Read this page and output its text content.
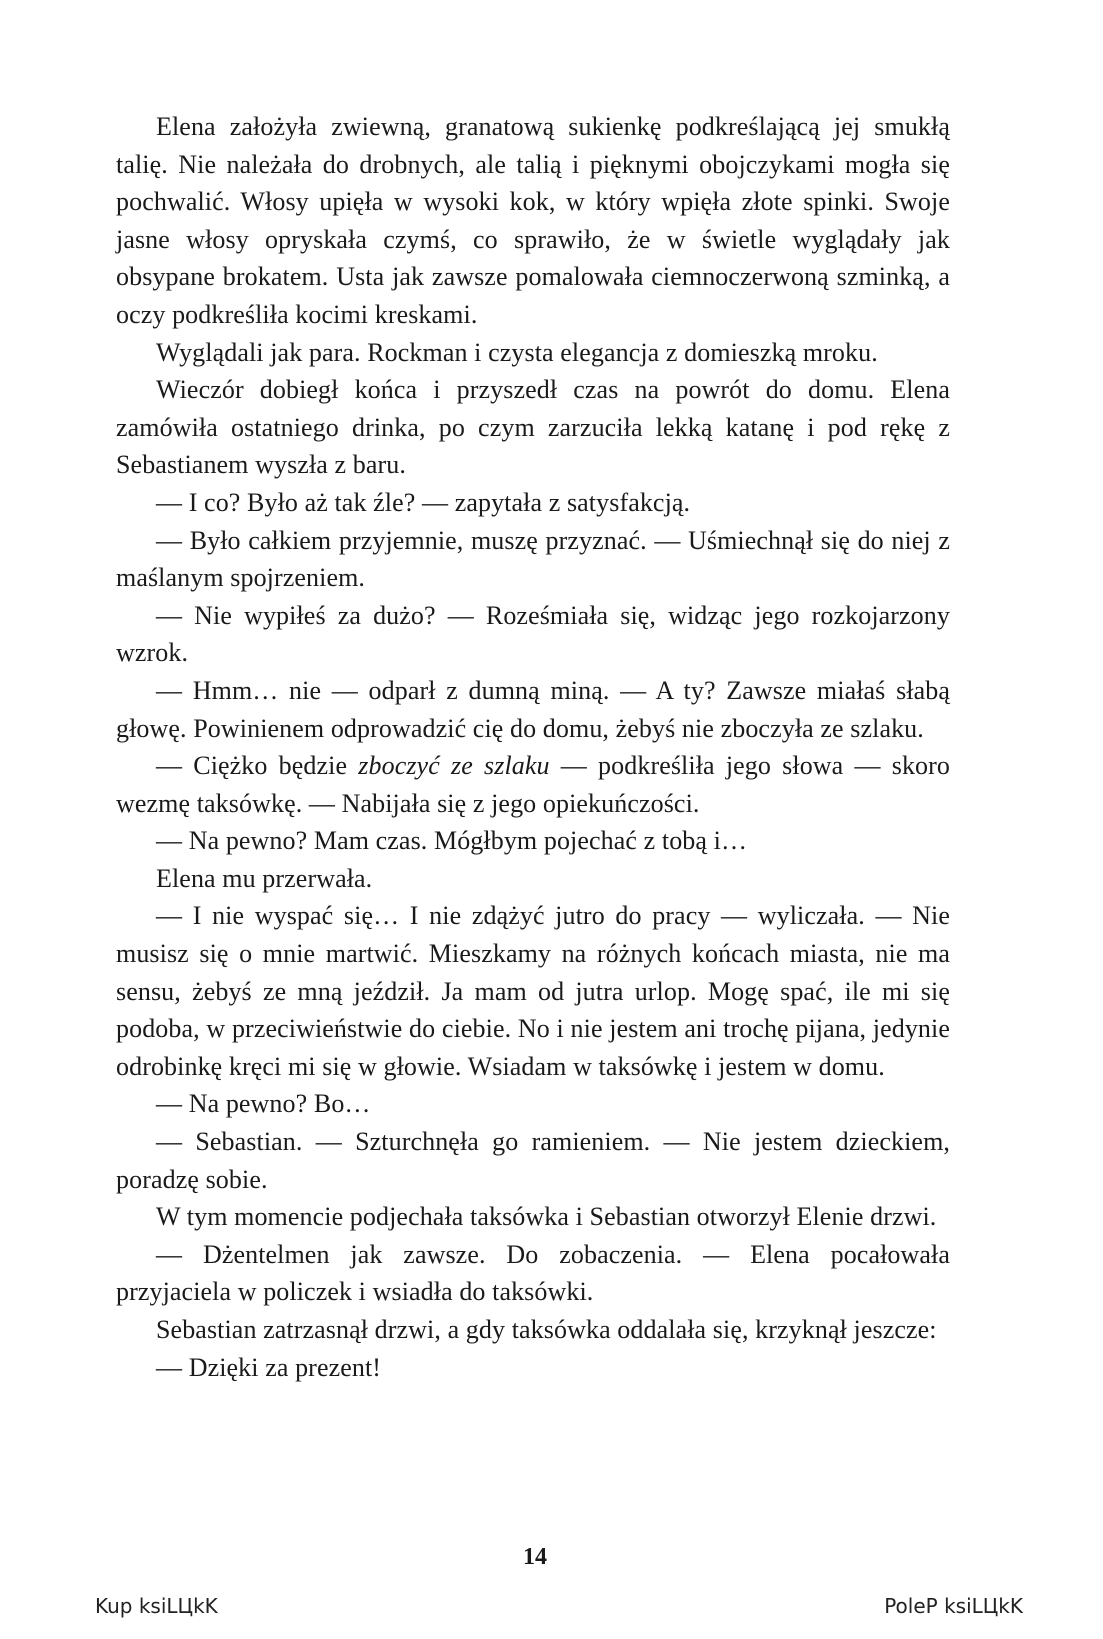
Elena założyła zwiewną, granatową sukienkę podkreślającą jej smukłą talię. Nie należała do drobnych, ale talią i pięknymi obojczykami mogła się pochwalić. Włosy upięła w wysoki kok, w który wpięła złote spinki. Swoje jasne włosy opryskała czymś, co sprawiło, że w świetle wyglądały jak obsypane brokatem. Usta jak zawsze pomalowała ciemnoczerwoną szminką, a oczy podkreśliła kocimi kreskami.

Wyglądali jak para. Rockman i czysta elegancja z domieszką mroku.

Wieczór dobiegł końca i przyszedł czas na powrót do domu. Elena zamówiła ostatniego drinka, po czym zarzuciła lekką katanę i pod rękę z Sebastianem wyszła z baru.

— I co? Było aż tak źle? — zapytała z satysfakcją.

— Było całkiem przyjemnie, muszę przyznać. — Uśmiechnął się do niej z maślanym spojrzeniem.

— Nie wypiłeś za dużo? — Roześmiała się, widząc jego rozkojarzony wzrok.

— Hmm… nie — odparł z dumną miną. — A ty? Zawsze miałaś słabą głowę. Powinienem odprowadzić cię do domu, żebyś nie zboczyła ze szlaku.

— Ciężko będzie zboczyć ze szlaku — podkreśliła jego słowa — skoro wezmę taksówkę. — Nabijała się z jego opiekuńczości.

— Na pewno? Mam czas. Mógłbym pojechać z tobą i…

Elena mu przerwała.

— I nie wyspać się… I nie zdążyć jutro do pracy — wyliczała. — Nie musisz się o mnie martwić. Mieszkamy na różnych końcach miasta, nie ma sensu, żebyś ze mną jeździł. Ja mam od jutra urlop. Mogę spać, ile mi się podoba, w przeciwieństwie do ciebie. No i nie jestem ani trochę pijana, jedynie odrobinkę kręci mi się w głowie. Wsiadam w taksówkę i jestem w domu.

— Na pewno? Bo…

— Sebastian. — Szturchnęła go ramieniem. — Nie jestem dzieckiem, poradzę sobie.

W tym momencie podjechała taksówka i Sebastian otworzył Elenie drzwi.

— Dżentelmen jak zawsze. Do zobaczenia. — Elena pocałowała przyjaciela w policzek i wsiadła do taksówki.

Sebastian zatrzasnął drzwi, a gdy taksówka oddalała się, krzyknął jeszcze:

— Dzięki za prezent!

14
Kup ksiLЦkK	PoleP ksiLЦkK
